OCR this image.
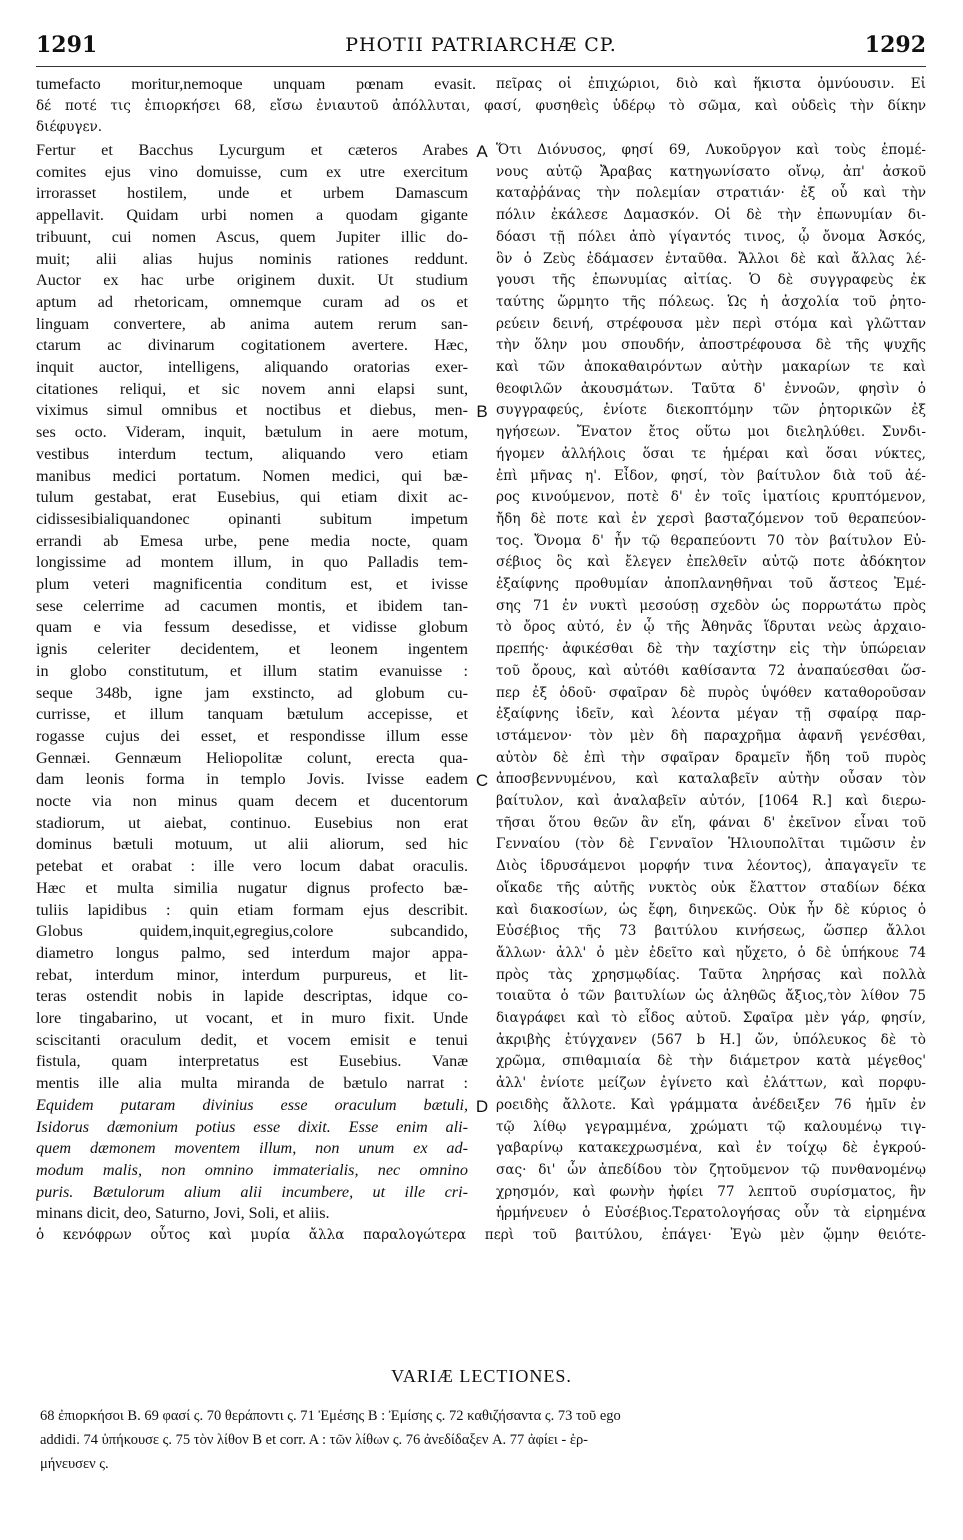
1291	PHOTII PATRIARCHÆ CP.	1292
tumefacto moritur,nemoque unquam pœnam evasit. πεῖρας οἱ ἐπιχώριοι, διὸ καὶ ἥκιστα ὀμνύουσιν. Εἰ
δέ ποτέ τις ἐπιορκήσει 68, εἴσω ἐνιαυτοῦ ἀπόλλυται, φασί, φυσηθεὶς ὑδέρῳ τὸ σῶμα, καὶ οὐδεὶς τὴν δίκην
διέφυγεν.
Fertur et Bacchus Lycurgum et cæteros Arabes
comites ejus vino domuisse, cum ex utre exercitum
irrorasset hostilem, unde et urbem Damascum
appellavit. Quidam urbi nomen a quodam gigante
tribuunt, cui nomen Ascus, quem Jupiter illic do-
muit; alii alias hujus nominis rationes reddunt.
Auctor ex hac urbe originem duxit. Ut studium
aptum ad rhetoricam, omnemque curam ad os et
linguam convertere, ab anima autem rerum san-
ctarum ac divinarum cogitationem avertere. Hæc,
inquit auctor, intelligens, aliquando oratorias exer-
citationes reliqui, et sic novem anni elapsi sunt,
viximus simul omnibus et noctibus et diebus, men-
ses octo. Videram, inquit, bætulum in aere motum,
vestibus interdum tectum, aliquando vero etiam
manibus medici portatum. Nomen medici, qui bæ-
tulum gestabat, erat Eusebius, qui etiam dixit ac-
cidissesibialiquandonec opinanti subitum impetum
errandi ab Emesa urbe, pene media nocte, quam
longissime ad montem illum, in quo Palladis tem-
plum veteri magnificentia conditum est, et ivisse
sese celerrime ad cacumen montis, et ibidem tan-
quam e via fessum desedisse, et vidisse globum
ignis celeriter decidentem, et leonem ingentem
in globo constitutum, et illum statim evanuisse :
seque 348b, igne jam exstincto, ad globum cu-
currisse, et illum tanquam bætulum accepisse, et
rogasse cujus dei esset, et respondisse illum esse
Gennæi. Gennæum Heliopolitæ colunt, erecta qua-
dam leonis forma in templo Jovis. Ivisse eadem
nocte via non minus quam decem et ducentorum
stadiorum, ut aiebat, continuo. Eusebius non erat
dominus bætuli motuum, ut alii aliorum, sed hic
petebat et orabat : ille vero locum dabat oraculis.
Hæc et multa similia nugatur dignus profecto bæ-
tuliis lapidibus : quin etiam formam ejus describit.
Globus quidem,inquit,egregius,colore subcandido,
diametro longus palmo, sed interdum major appa-
rebat, interdum minor, interdum purpureus, et lit-
teras ostendit nobis in lapide descriptas, idque co-
lore tingabarino, ut vocant, et in muro fixit. Unde
sciscitanti oraculum dedit, et vocem emisit e tenui
fistula, quam interpretatus est Eusebius. Vanæ
mentis ille alia multa miranda de bætulo narrat :
Equidem putaram divinius esse oraculum bætuli,
Isidorus dæmonium potius esse dixit. Esse enim ali-
quem dæmonem moventem illum, non unum ex ad-
modum malis, non omnino immaterialis, nec omnino
puris. Bætulorum alium alii incumbere, ut ille cri-
minans dicit, deo, Saturno, Jovi, Soli, et aliis.
Ὅτι Διόνυσος, φησί 69, Λυκοῦργον καὶ τοὺς ἑπομέ-
νους αὐτῷ Ἄραβας κατηγωνίσατο οἴνῳ, ἀπ' ἀσκοῦ
καταῤῥάνας τὴν πολεμίαν στρατιάν· ἐξ οὗ καὶ τὴν
πόλιν ἐκάλεσε Δαμασκόν. Οἱ δὲ τὴν ἐπωνυμίαν δι-
δόασι τῇ πόλει ἀπὸ γίγαντός τινος, ᾧ ὄνομα Ἀσκός,
ὃν ὁ Ζεὺς ἐδάμασεν ἐνταῦθα. Ἄλλοι δὲ καὶ ἄλλας λέ-
γουσι τῆς ἐπωνυμίας αἰτίας. Ὁ δὲ συγγραφεὺς ἐκ
ταύτης ὥρμητο τῆς πόλεως. Ὡς ἡ ἀσχολία τοῦ ῥητο-
ρεύειν δεινή, στρέφουσα μὲν περὶ στόμα καὶ γλῶτταν
τὴν ὅλην μου σπουδήν, ἀποστρέφουσα δὲ τῆς ψυχῆς
καὶ τῶν ἀποκαθαιρόντων αὐτὴν μακαρίων τε καὶ
θεοφιλῶν ἀκουσμάτων. Ταῦτα δ' ἐννοῶν, φησὶν ὁ
συγγραφεύς, ἐνίοτε διεκοπτόμην τῶν ῥητορικῶν ἐξ
ηγήσεων. Ἔνατον ἔτος οὕτω μοι διεληλύθει. Συνδι-
ήγομεν ἀλλήλοις ὅσαι τε ἡμέραι καὶ ὅσαι νύκτες,
ἐπὶ μῆνας η'. Εἶδον, φησί, τὸν βαίτυλον διὰ τοῦ ἀέ-
ρος κινούμενον, ποτὲ δ' ἐν τοῖς ἱματίοις κρυπτόμενον,
ἤδη δὲ ποτε καὶ ἐν χερσὶ βασταζόμενον τοῦ θεραπεύον-
τος. Ὄνομα δ' ἦν τῷ θεραπεύοντι 70 τὸν βαίτυλον Εὐ-
σέβιος ὃς καὶ ἔλεγεν ἐπελθεῖν αὐτῷ ποτε ἀδόκητον
ἐξαίφνης προθυμίαν ἀποπλανηθῆναι τοῦ ἄστεος Ἐμέ-
σης 71 ἐν νυκτὶ μεσούσῃ σχεδὸν ὡς πορρωτάτω πρὸς
τὸ ὄρος αὐτό, ἐν ᾧ τῆς Ἀθηνᾶς ἵδρυται νεὼς ἀρχαιο-
πρεπής· ἀφικέσθαι δὲ τὴν ταχίστην εἰς τὴν ὑπώρειαν
τοῦ ὄρους, καὶ αὐτόθι καθίσαντα 72 ἀναπαύεσθαι ὥσ-
περ ἐξ ὁδοῦ· σφαῖραν δὲ πυρὸς ὑψόθεν καταθοροῦσαν
ἐξαίφνης ἰδεῖν, καὶ λέοντα μέγαν τῇ σφαίρᾳ παρ-
ιστάμενον· τὸν μὲν δὴ παραχρῆμα ἀφανῆ γενέσθαι,
αὐτὸν δὲ ἐπὶ τὴν σφαῖραν δραμεῖν ἤδη τοῦ πυρὸς
ἀποσβεννυμένου, καὶ καταλαβεῖν αὐτὴν οὖσαν τὸν
βαίτυλον, καὶ ἀναλαβεῖν αὐτόν, [1064 R.] καὶ διερω-
τῆσαι ὅτου θεῶν ἂν εἴη, φάναι δ' ἐκεῖνον εἶναι τοῦ
Γενναίου (τὸν δὲ Γενναῖον Ἡλιουπολῖται τιμῶσιν ἐν
Διὸς ἱδρυσάμενοι μορφήν τινα λέοντος), ἀπαγαγεῖν τε
οἴκαδε τῆς αὐτῆς νυκτὸς οὐκ ἔλαττον σταδίων δέκα
καὶ διακοσίων, ὡς ἔφη, διηνεκῶς. Οὐκ ἦν δὲ κύριος ὁ
Εὐσέβιος τῆς 73 βαιτύλου κινήσεως, ὥσπερ ἄλλοι
ἄλλων· ἀλλ' ὁ μὲν ἐδεῖτο καὶ ηὔχετο, ὁ δὲ ὑπήκουε 74
πρὸς τὰς χρησμῳδίας. Ταῦτα ληρήσας καὶ πολλὰ
τοιαῦτα ὁ τῶν βαιτυλίων ὡς ἀληθῶς ἄξιος,τὸν λίθον 75
διαγράφει καὶ τὸ εἶδος αὐτοῦ. Σφαῖρα μὲν γάρ, φησίν,
ἀκριβὴς ἐτύγχανεν (567 b H.] ὤν, ὑπόλευκος δὲ τὸ
χρῶμα, σπιθαμιαία δὲ τὴν διάμετρον κατὰ μέγεθος'
ἀλλ' ἐνίοτε μείζων ἐγίνετο καὶ ἐλάττων, καὶ πορφυ-
ροειδὴς ἄλλοτε. Καὶ γράμματα ἀνέδειξεν 76 ἡμῖν ἐν
τῷ λίθῳ γεγραμμένα, χρώματι τῷ καλουμένῳ τιγ-
γαβαρίνῳ κατακεχρωσμένα, καὶ ἐν τοίχῳ δὲ ἐγκρού-
σας· δι' ὧν ἀπεδίδου τὸν ζητοῦμενον τῷ πυνθανομένῳ
χρησμόν, καὶ φωνὴν ἠφίει 77 λεπτοῦ συρίσματος, ἣν
ἡρμήνευεν ὁ Εὐσέβιος.Τερατολογήσας οὖν τὰ εἰρημένα
A
B
C
D
ὁ κενόφρων οὗτος καὶ μυρία ἄλλα παραλογώτερα περὶ τοῦ βαιτύλου, ἐπάγει· Ἐγὼ μὲν ᾤμην θειότε-
VARIÆ LECTIONES.
68 ἐπιορκήσοι B. 69 φασί ς. 70 θεράποντι ς. 71 Ἐμέσης B : Ἐμίσης ς. 72 καθιζήσαντα ς. 73 τοῦ ego
addidi. 74 ὑπήκουσε ς. 75 τὸν λίθον B et corr. A : τῶν λίθων ς. 76 ἀνεδίδαξεν A. 77 ἀφίει - ἑρ-
μήνευσεν ς.
